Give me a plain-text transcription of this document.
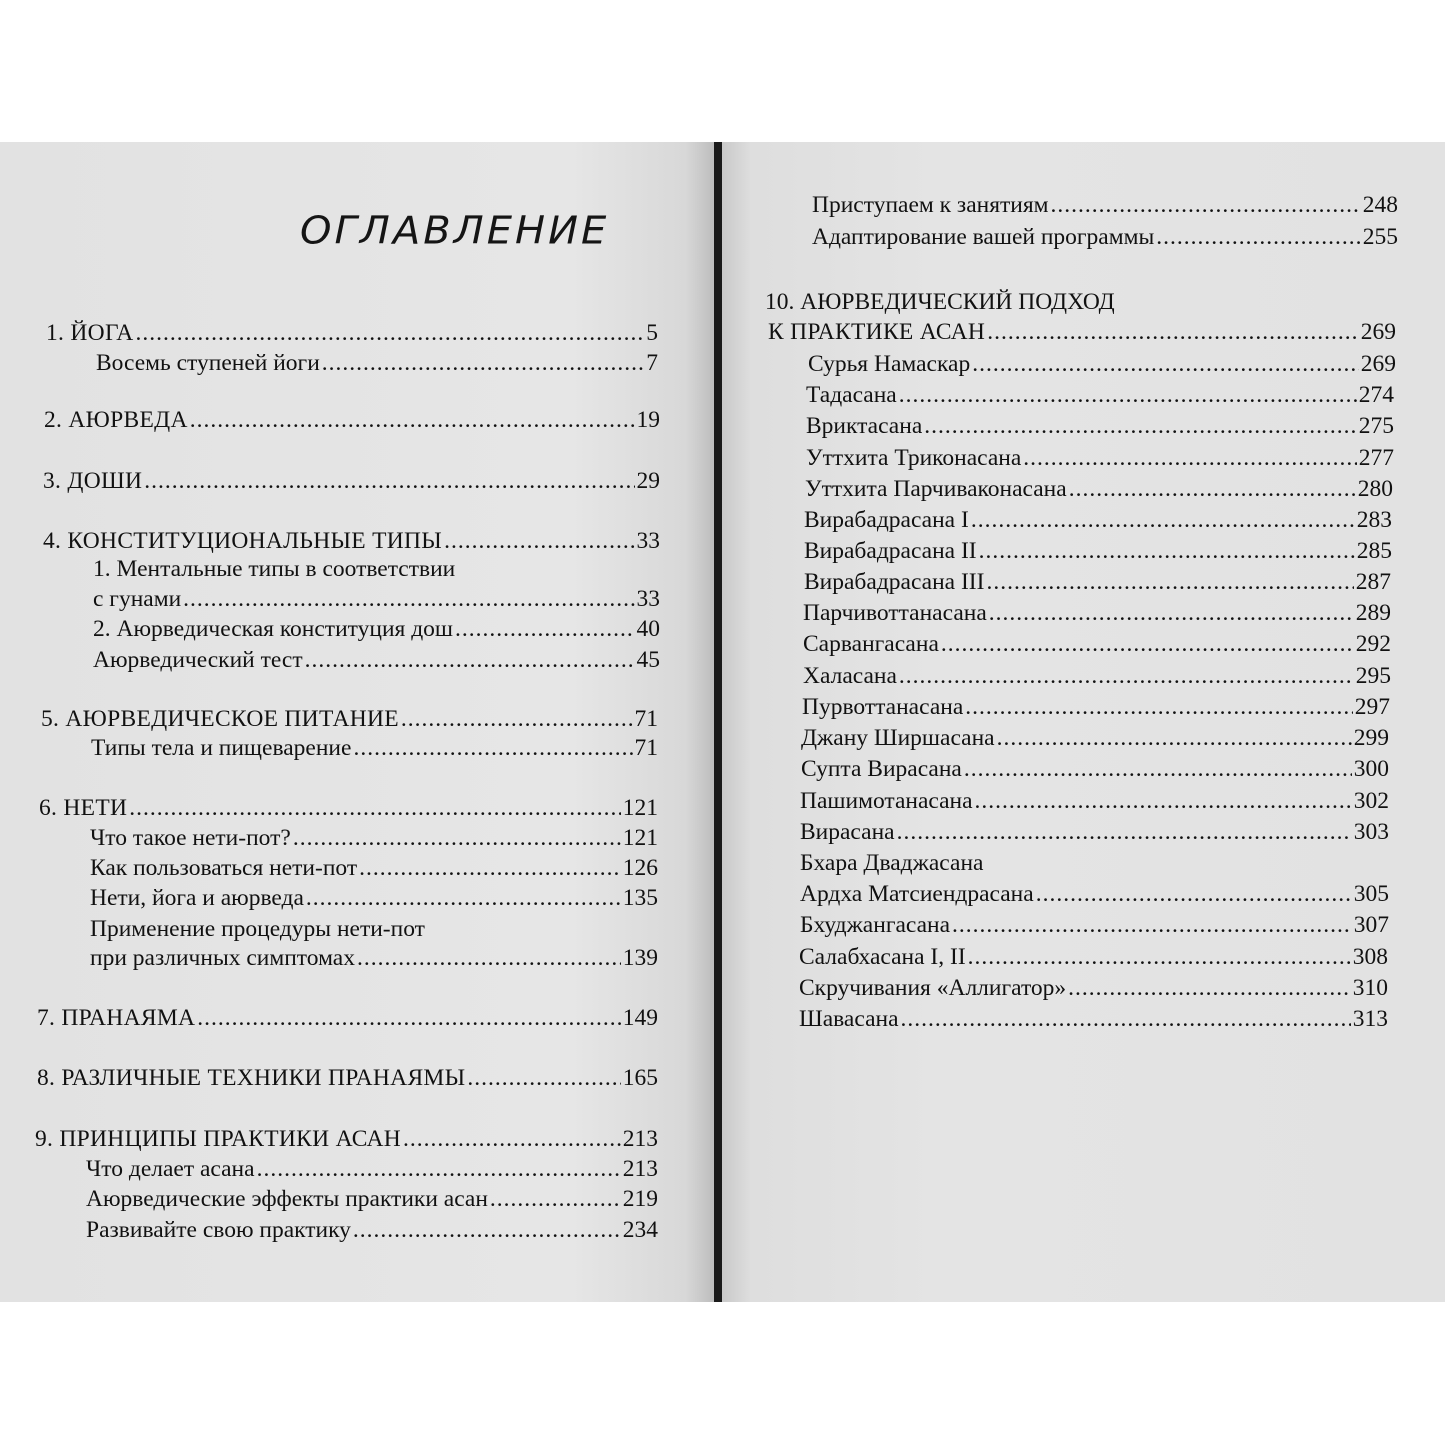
ОГЛАВЛЕНИЕ
1. ЙОГА .....	5
Восемь ступеней йоги .....	7
2. АЮРВЕДА .....	19
3. ДОШИ .....	29
4. КОНСТИТУЦИОНАЛЬНЫЕ ТИПЫ .....	33
1. Ментальные типы в соответствии
с гунами .....	33
2. Аюрведическая конституция дош .....	40
Аюрведический тест .....	45
5. АЮРВЕДИЧЕСКОЕ ПИТАНИЕ .....	71
Типы тела и пищеварение .....	71
6. НЕТИ .....	121
Что такое нети-пот? .....	121
Как пользоваться нети-пот .....	126
Нети, йога и аюрведа .....	135
Применение процедуры нети-пот
при различных симптомах .....	139
7. ПРАНАЯМА .....	149
8. РАЗЛИЧНЫЕ ТЕХНИКИ ПРАНАЯМЫ .....	165
9. ПРИНЦИПЫ ПРАКТИКИ АСАН .....	213
Что делает асана .....	213
Аюрведические эффекты практики асан .....	219
Развивайте свою практику .....	234
Приступаем к занятиям .....	248
Адаптирование вашей программы .....	255
10. АЮРВЕДИЧЕСКИЙ ПОДХОД
К ПРАКТИКЕ АСАН .....	269
Сурья Намаскар .....	269
Тадасана .....	274
Вриктасана .....	275
Уттхита Триконасана .....	277
Уттхита Парчиваконасана .....	280
Вирабадрасана I .....	283
Вирабадрасана II .....	285
Вирабадрасана III .....	287
Парчивоттанасана .....	289
Сарвангасана .....	292
Халасана .....	295
Пурвоттанасана .....	297
Джану Ширшасана .....	299
Супта Вирасана .....	300
Пашимотанасана .....	302
Вирасана .....	303
Бхара Дваджасана
Ардха Матсиендрасана .....	305
Бхуджангасана .....	307
Салабхасана I, II .....	308
Скручивания «Аллигатор» .....	310
Шавасана .....	313
